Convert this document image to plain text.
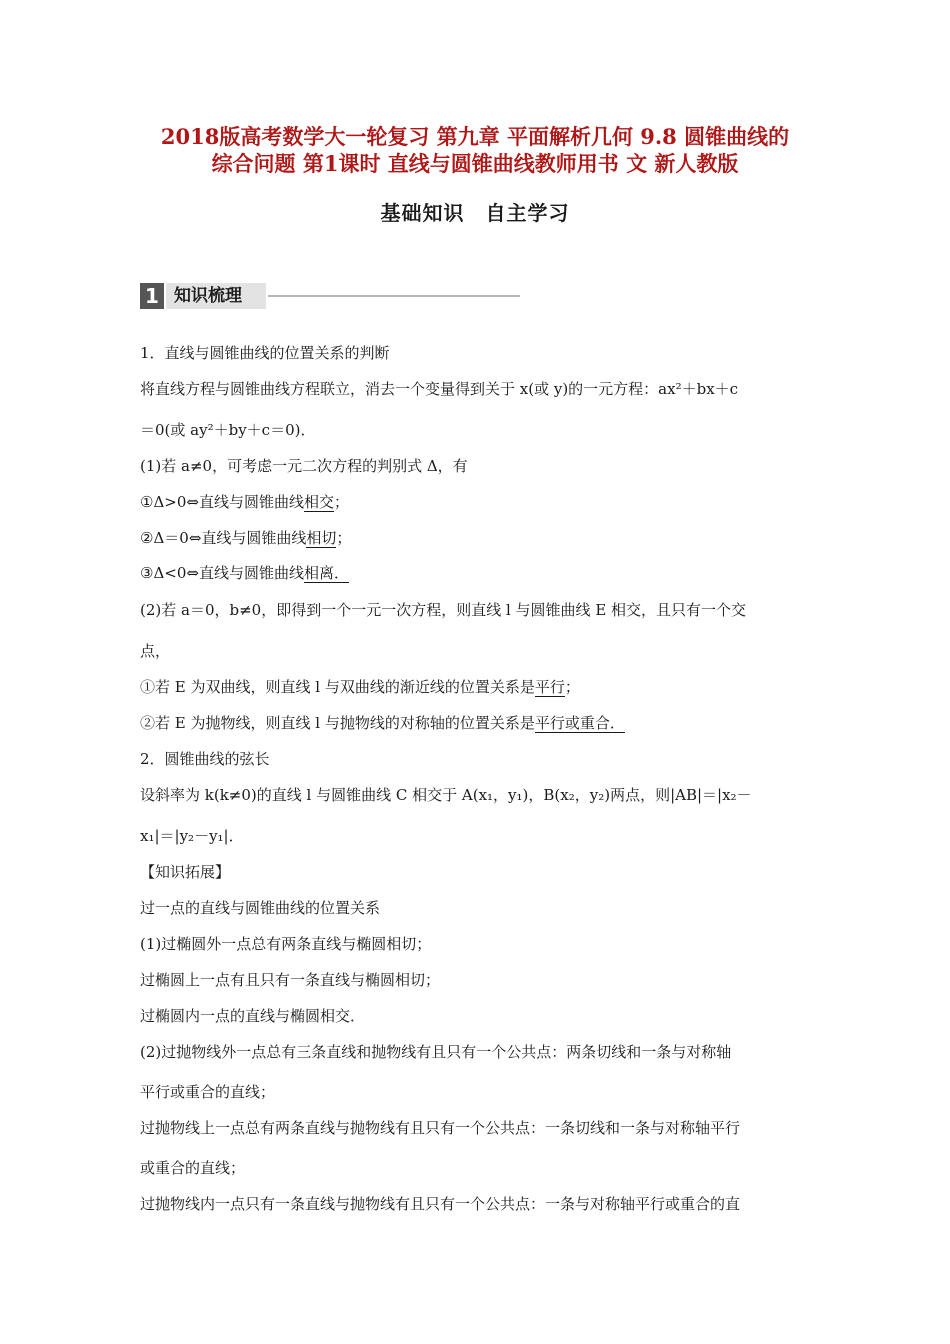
2018版高考数学大一轮复习 第九章 平面解析几何 9.8 圆锥曲线的
综合问题 第1课时 直线与圆锥曲线教师用书 文 新人教版
基础知识　自主学习
1 知识梳理
1．直线与圆锥曲线的位置关系的判断
将直线方程与圆锥曲线方程联立，消去一个变量得到关于 x(或 y)的一元方程：ax²＋bx＋c
＝0(或 ay²＋by＋c＝0)．
(1)若 a≠0，可考虑一元二次方程的判别式 Δ，有
①Δ>0⇔直线与圆锥曲线相交；
②Δ＝0⇔直线与圆锥曲线相切；
③Δ<0⇔直线与圆锥曲线相离．
(2)若 a＝0，b≠0，即得到一个一元一次方程，则直线 l 与圆锥曲线 E 相交，且只有一个交
点，
①若 E 为双曲线，则直线 l 与双曲线的渐近线的位置关系是平行；
②若 E 为抛物线，则直线 l 与抛物线的对称轴的位置关系是平行或重合．
2．圆锥曲线的弦长
设斜率为 k(k≠0)的直线 l 与圆锥曲线 C 相交于 A(x₁，y₁)，B(x₂，y₂)两点，则|AB|＝|x₂－
x₁|＝|y₂－y₁|．
【知识拓展】
过一点的直线与圆锥曲线的位置关系
(1)过椭圆外一点总有两条直线与椭圆相切；
过椭圆上一点有且只有一条直线与椭圆相切；
过椭圆内一点的直线与椭圆相交．
(2)过抛物线外一点总有三条直线和抛物线有且只有一个公共点：两条切线和一条与对称轴
平行或重合的直线；
过抛物线上一点总有两条直线与抛物线有且只有一个公共点：一条切线和一条与对称轴平行
或重合的直线；
过抛物线内一点只有一条直线与抛物线有且只有一个公共点：一条与对称轴平行或重合的直
